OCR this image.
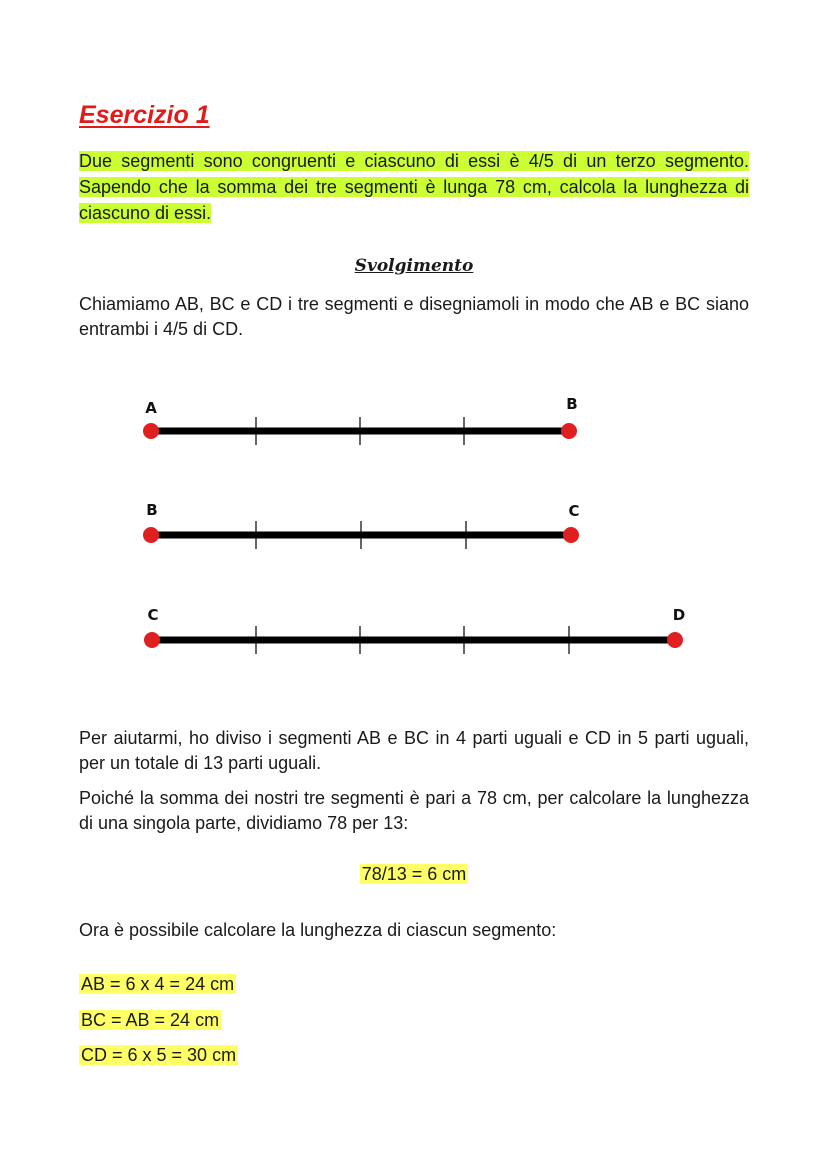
Esercizio 1
Due segmenti sono congruenti e ciascuno di essi è 4/5 di un terzo segmento. Sapendo che la somma dei tre segmenti è lunga 78 cm, calcola la lunghezza di ciascuno di essi.
Svolgimento
Chiamiamo AB, BC e CD i tre segmenti e disegniamoli in modo che AB e BC siano entrambi i 4/5 di CD.
A	B
B	C
C	D
Per aiutarmi, ho diviso i segmenti AB e BC in 4 parti uguali e CD in 5 parti uguali, per un totale di 13 parti uguali.
Poiché la somma dei nostri tre segmenti è pari a 78 cm, per calcolare la lunghezza di una singola parte, dividiamo 78 per 13:
78/13 = 6 cm
Ora è possibile calcolare la lunghezza di ciascun segmento:
AB = 6 x 4 = 24 cm
BC = AB = 24 cm
CD = 6 x 5 = 30 cm
